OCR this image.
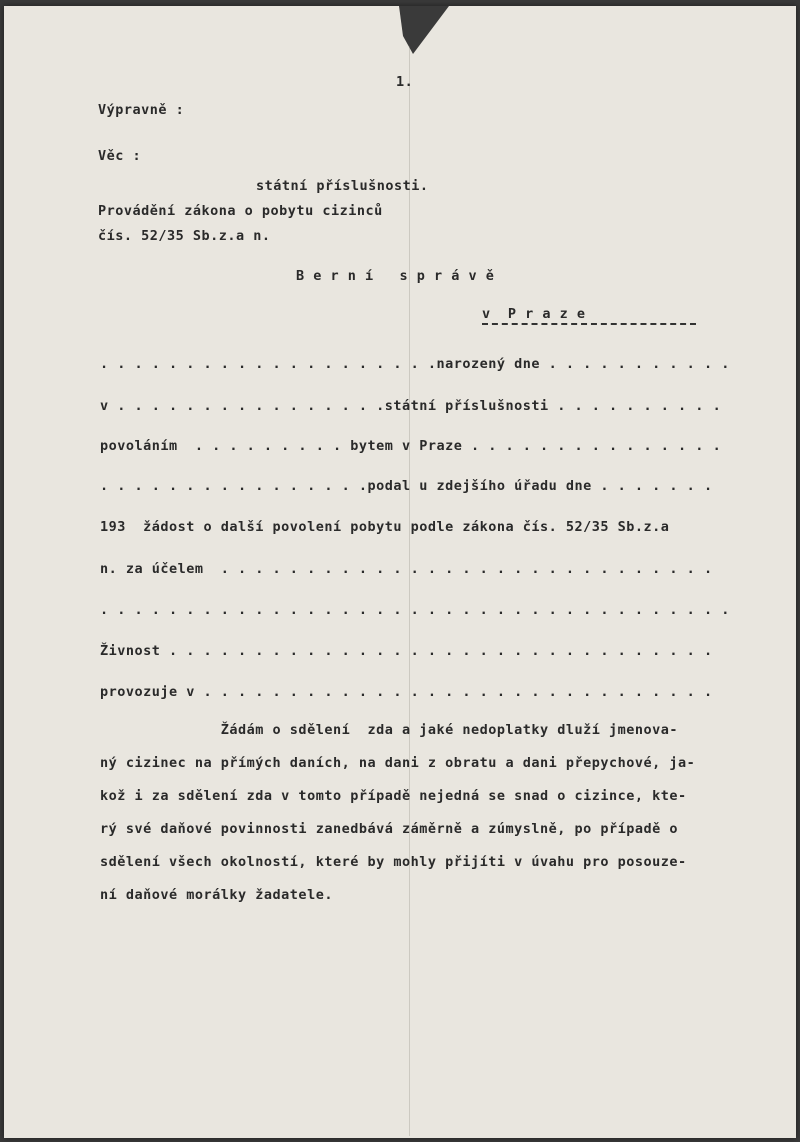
1.
Výpravně :
Věc :
státní příslušnosti.
Provádění zákona o pobytu cizinců
čís. 52/35 Sb.z.a n.
B e r n í   s p r á v ě
v  P r a z e
. . . . . . . . . . . . . . . . . . . .narozený dne . . . . . . . . . . .
v . . . . . . . . . . . . . . . .státní příslušnosti . . . . . . . . . .
povoláním  . . . . . . . . . bytem v Praze . . . . . . . . . . . . . . .
. . . . . . . . . . . . . . . .podal u zdejšího úřadu dne . . . . . . .
193  žádost o další povolení pobytu podle zákona čís. 52/35 Sb.z.a
n. za účelem  . . . . . . . . . . . . . . . . . . . . . . . . . . . . .
. . . . . . . . . . . . . . . . . . . . . . . . . . . . . . . . . . . . .
Živnost . . . . . . . . . . . . . . . . . . . . . . . . . . . . . . . .
provozuje v . . . . . . . . . . . . . . . . . . . . . . . . . . . . . .
Žádám o sdělení  zda a jaké nedoplatky dluží jmenova-
ný cizinec na přímých daních, na dani z obratu a dani přepychové, ja-
kož i za sdělení zda v tomto případě nejedná se snad o cizince, kte-
rý své daňové povinnosti zanedbává záměrně a zúmyslně, po případě o
sdělení všech okolností, které by mohly přijíti v úvahu pro posouze-
ní daňové morálky žadatele.
